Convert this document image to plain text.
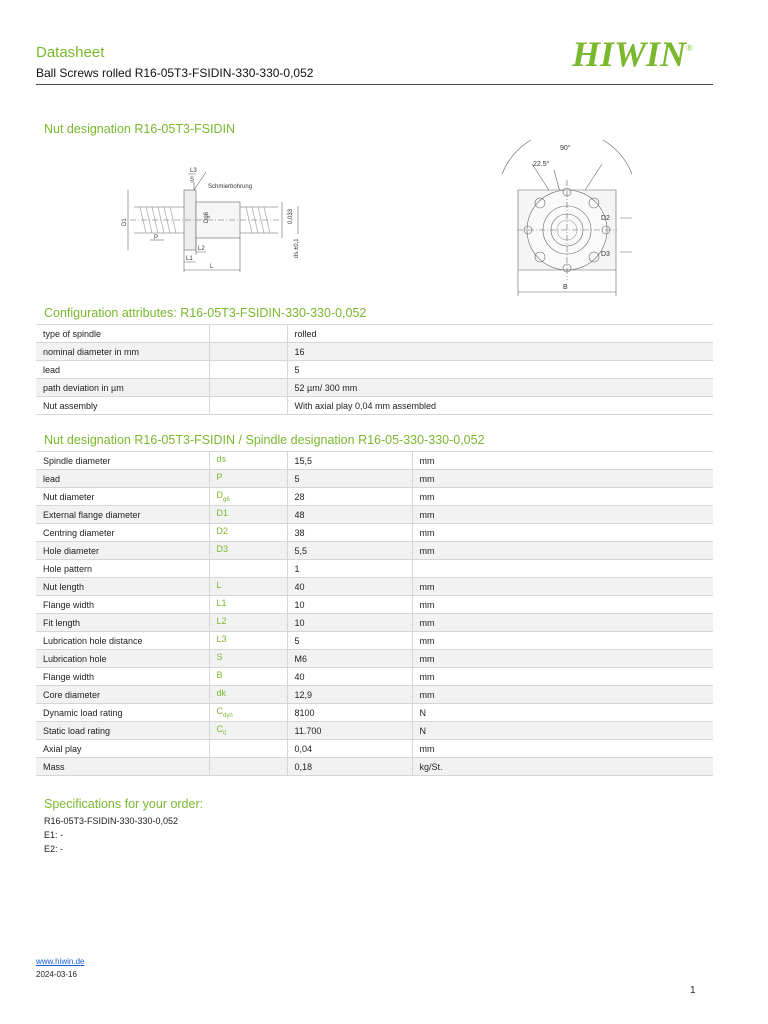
Datasheet
Ball Screws rolled R16-05T3-FSIDIN-330-330-0,052	HIWIN®
Nut designation R16-05T3-FSIDIN
L3
S
Schmierbohrung
D1	Dg6	0,033
P
L2
L1
L
ds ±0,1
90°
22.5°
D2
D3
B
Configuration attributes: R16-05T3-FSIDIN-330-330-0,052
type of spindle		rolled
nominal diameter in mm		16
lead		5
path deviation in µm		52 µm/ 300 mm
Nut assembly		With axial play 0,04 mm assembled
Nut designation R16-05T3-FSIDIN / Spindle designation R16-05-330-330-0,052
Spindle diameter	ds	15,5	mm
lead	P	5	mm
Nut diameter	$D_{g6}$	28	mm
External flange diameter	D1	48	mm
Centring diameter	D2	38	mm
Hole diameter	D3	5,5	mm
Hole pattern		1	
Nut length	L	40	mm
Flange width	L1	10	mm
Fit length	L2	10	mm
Lubrication hole distance	L3	5	mm
Lubrication hole	S	M6	mm
Flange width	B	40	mm
Core diameter	dk	12,9	mm
Dynamic load rating	$C_{dyn}$	8100	N
Static load rating	$C_0$	11.700	N
Axial play		0,04	mm
Mass		0,18	kg/St.
Specifications for your order:
R16-05T3-FSIDIN-330-330-0,052
E1: -
E2: -
www.hiwin.de
2024-03-16
1
